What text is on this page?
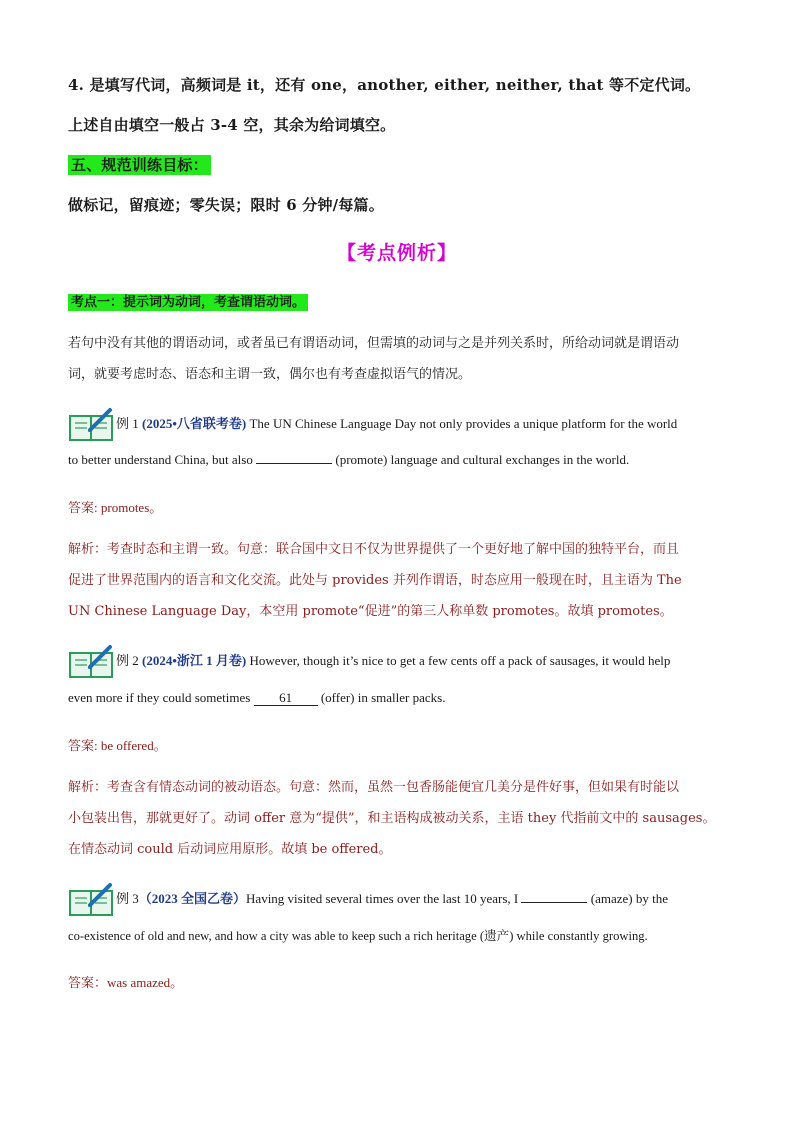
4. 是填写代词，高频词是 it，还有 one，another, either, neither, that 等不定代词。
上述自由填空一般占 3-4 空，其余为给词填空。
五、规范训练目标：
做标记，留痕迹；零失误；限时 6 分钟/每篇。
【考点例析】
考点一：提示词为动词，考查谓语动词。
若句中没有其他的谓语动词，或者虽已有谓语动词，但需填的动词与之是并列关系时，所给动词就是谓语动
词，就要考虑时态、语态和主谓一致，偶尔也有考查虚拟语气的情况。
例 1 (2025•八省联考卷) The UN Chinese Language Day not only provides a unique platform for the world
to better understand China, but also	(promote) language and cultural exchanges in the world.
答案: promotes。
解析：考查时态和主谓一致。句意：联合国中文日不仅为世界提供了一个更好地了解中国的独特平台，而且
促进了世界范围内的语言和文化交流。此处与 provides 并列作谓语，时态应用一般现在时，且主语为 The
UN Chinese Language Day，本空用 promote“促进”的第三人称单数 promotes。故填 promotes。
例 2 (2024•浙江 1 月卷) However, though it’s nice to get a few cents off a pack of sausages, it would help
even more if they could sometimes 61 (offer) in smaller packs.
答案: be offered。
解析：考查含有情态动词的被动语态。句意：然而，虽然一包香肠能便宜几美分是件好事，但如果有时能以
小包装出售，那就更好了。动词 offer 意为“提供”，和主语构成被动关系，主语 they 代指前文中的 sausages。
在情态动词 could 后动词应用原形。故填 be offered。
例 3（2023 全国乙卷）Having visited several times over the last 10 years, I	(amaze) by the
co-existence of old and new, and how a city was able to keep such a rich heritage (遗产) while constantly growing.
答案：was amazed。
